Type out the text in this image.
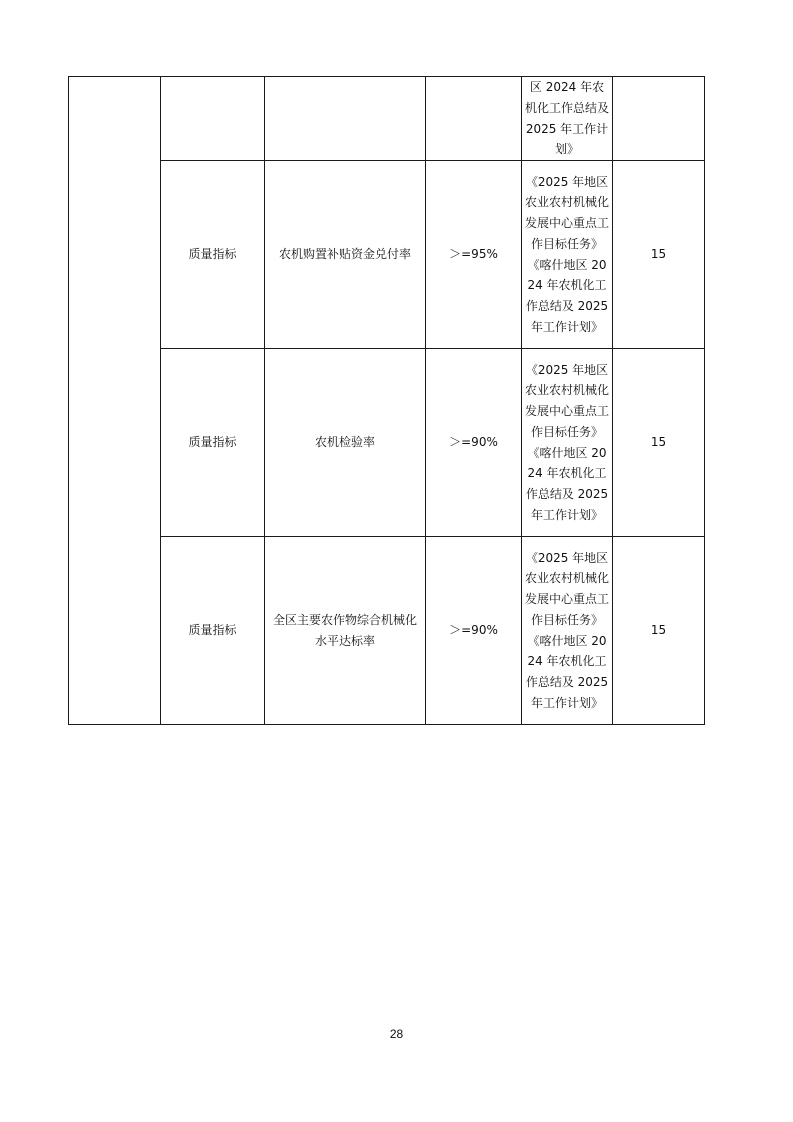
				区 2024 年农机化工作总结及 2025 年工作计划》	

	质量指标	农机购置补贴资金兑付率	＞=95%	《2025 年地区农业农村机械化发展中心重点工作目标任务》《喀什地区 2024 年农机化工作总结及 2025 年工作计划》	15
	质量指标	农机检验率	＞=90%	《2025 年地区农业农村机械化发展中心重点工作目标任务》《喀什地区 2024 年农机化工作总结及 2025 年工作计划》	15
	质量指标	全区主要农作物综合机械化水平达标率	＞=90%	《2025 年地区农业农村机械化发展中心重点工作目标任务》《喀什地区 2024 年农机化工作总结及 2025 年工作计划》	15
28
